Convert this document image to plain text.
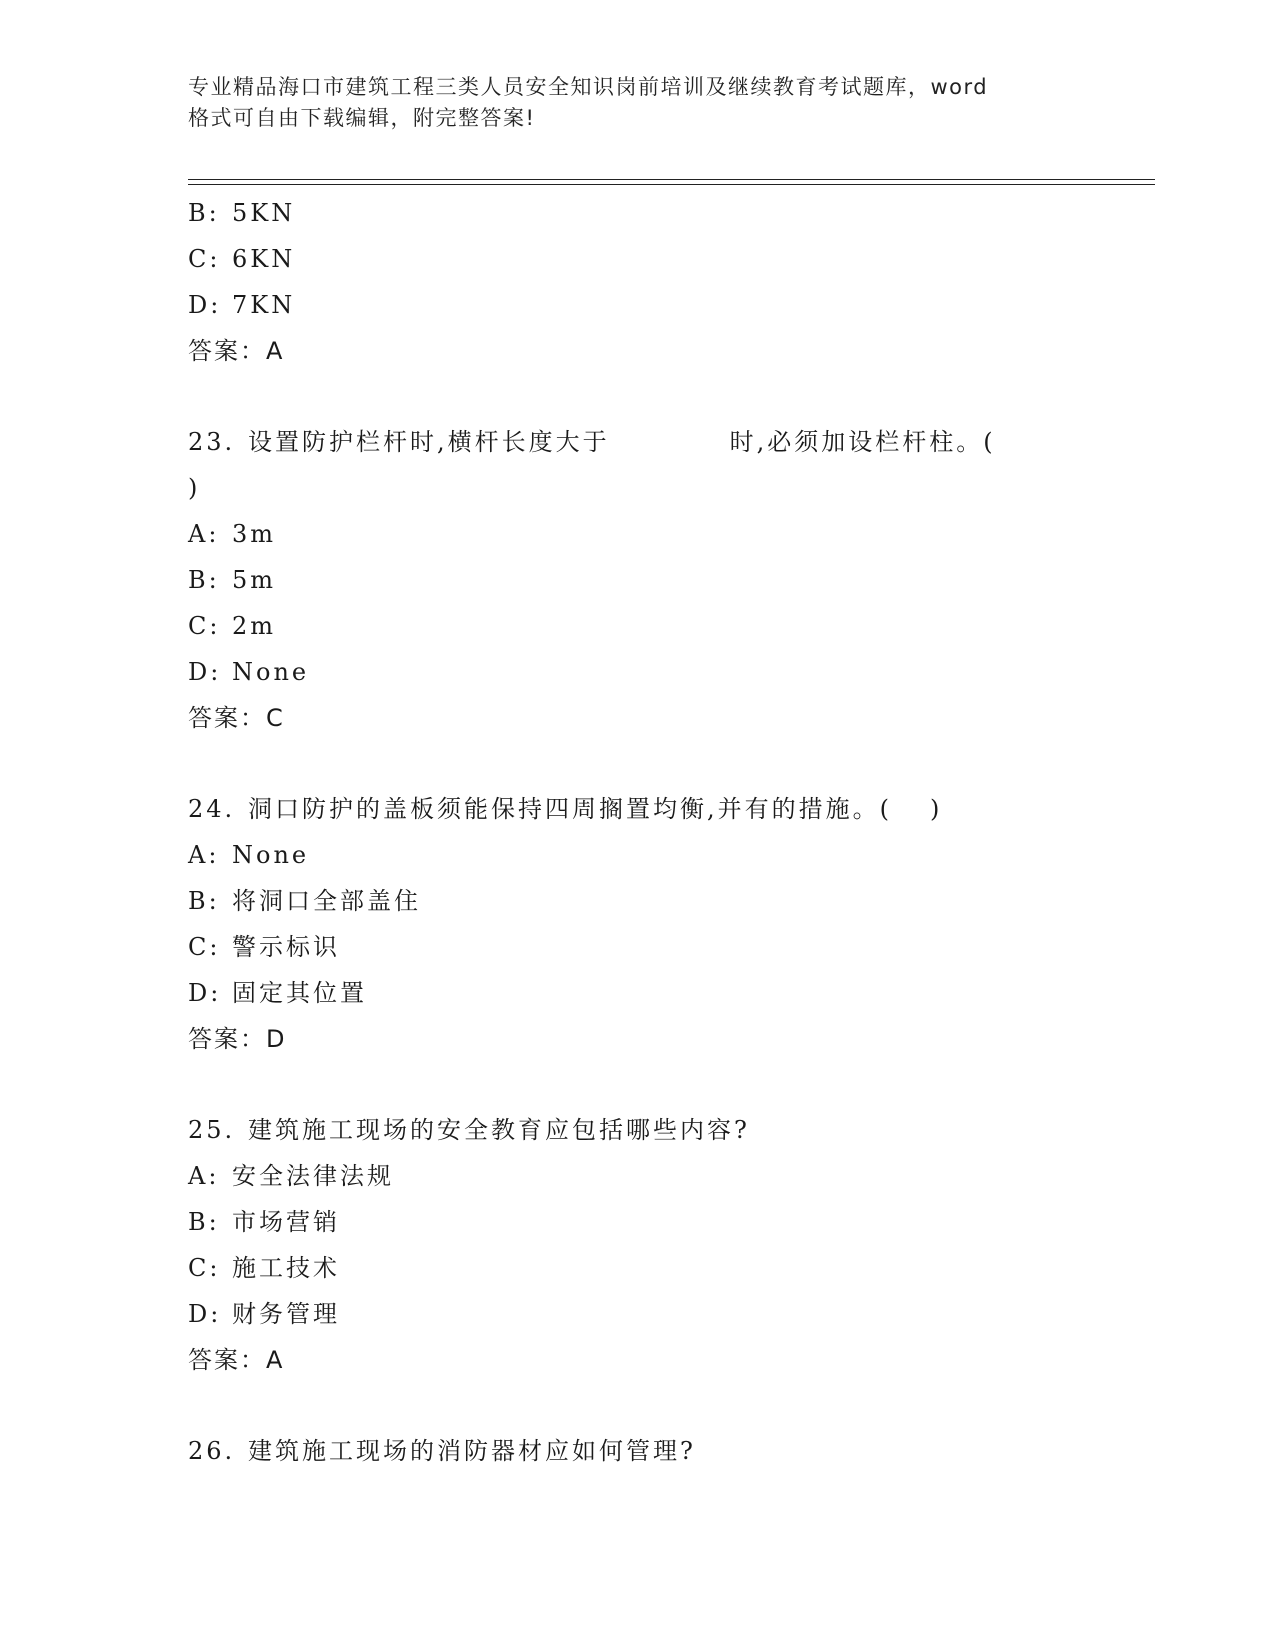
专业精品海口市建筑工程三类人员安全知识岗前培训及继续教育考试题库，word
格式可自由下载编辑，附完整答案!
B: 5KN
C: 6KN
D: 7KN
答案：A
23. 设置防护栏杆时,横杆长度大于	时,必须加设栏杆柱。(
)
A: 3m
B: 5m
C: 2m
D: None
答案：C
24. 洞口防护的盖板须能保持四周搁置均衡,并有的措施。( )
A: None
B: 将洞口全部盖住
C: 警示标识
D: 固定其位置
答案：D
25. 建筑施工现场的安全教育应包括哪些内容?
A: 安全法律法规
B: 市场营销
C: 施工技术
D: 财务管理
答案：A
26. 建筑施工现场的消防器材应如何管理?
